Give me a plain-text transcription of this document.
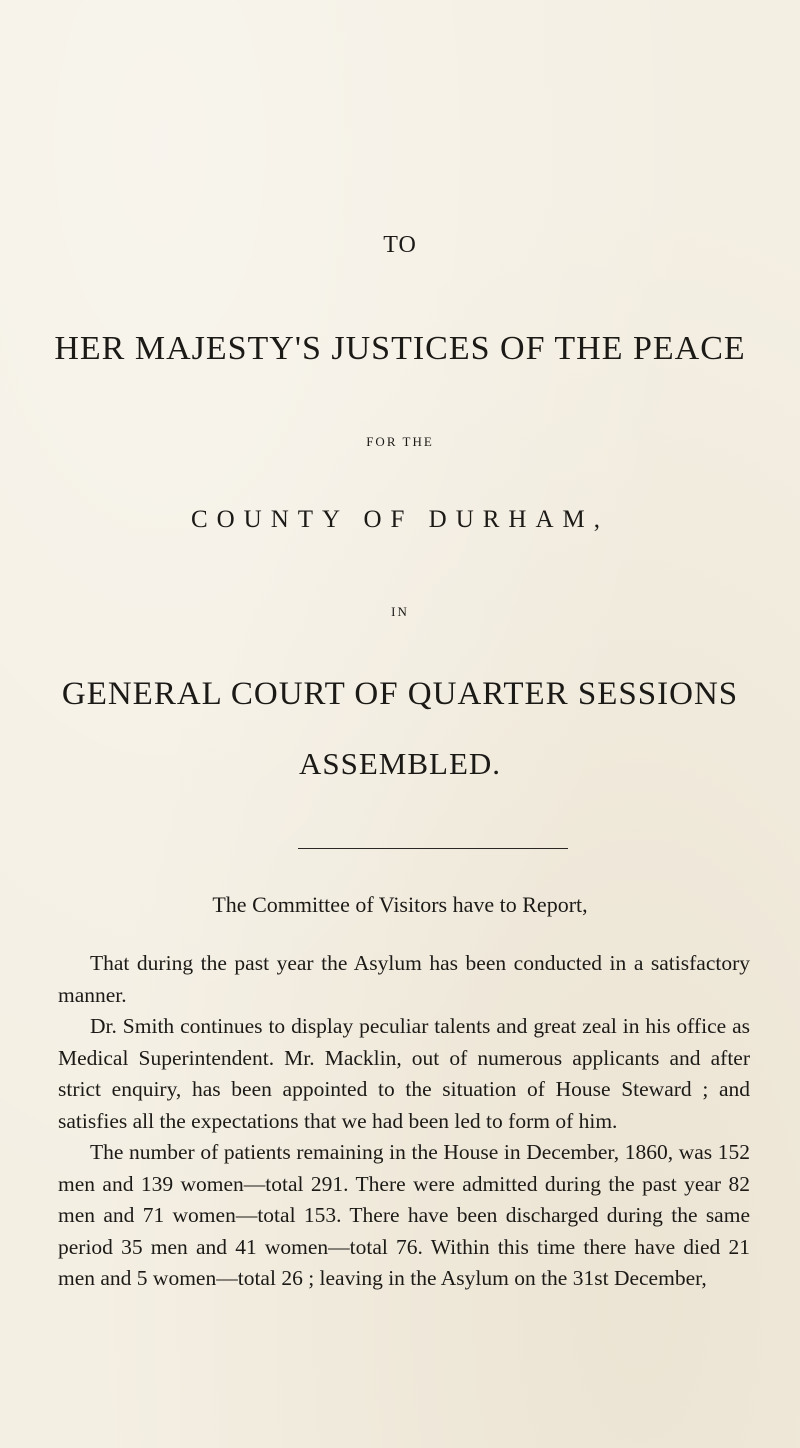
TO
HER MAJESTY'S JUSTICES OF THE PEACE
FOR THE
COUNTY OF DURHAM,
IN
GENERAL COURT OF QUARTER SESSIONS
ASSEMBLED.
The Committee of Visitors have to Report,

That during the past year the Asylum has been conducted in a satisfactory manner.

Dr. Smith continues to display peculiar talents and great zeal in his office as Medical Superintendent. Mr. Macklin, out of numerous applicants and after strict enquiry, has been appointed to the situation of House Steward ; and satisfies all the expectations that we had been led to form of him.

The number of patients remaining in the House in December, 1860, was 152 men and 139 women—total 291. There were admitted during the past year 82 men and 71 women—total 153. There have been discharged during the same period 35 men and 41 women—total 76. Within this time there have died 21 men and 5 women—total 26 ; leaving in the Asylum on the 31st December,
